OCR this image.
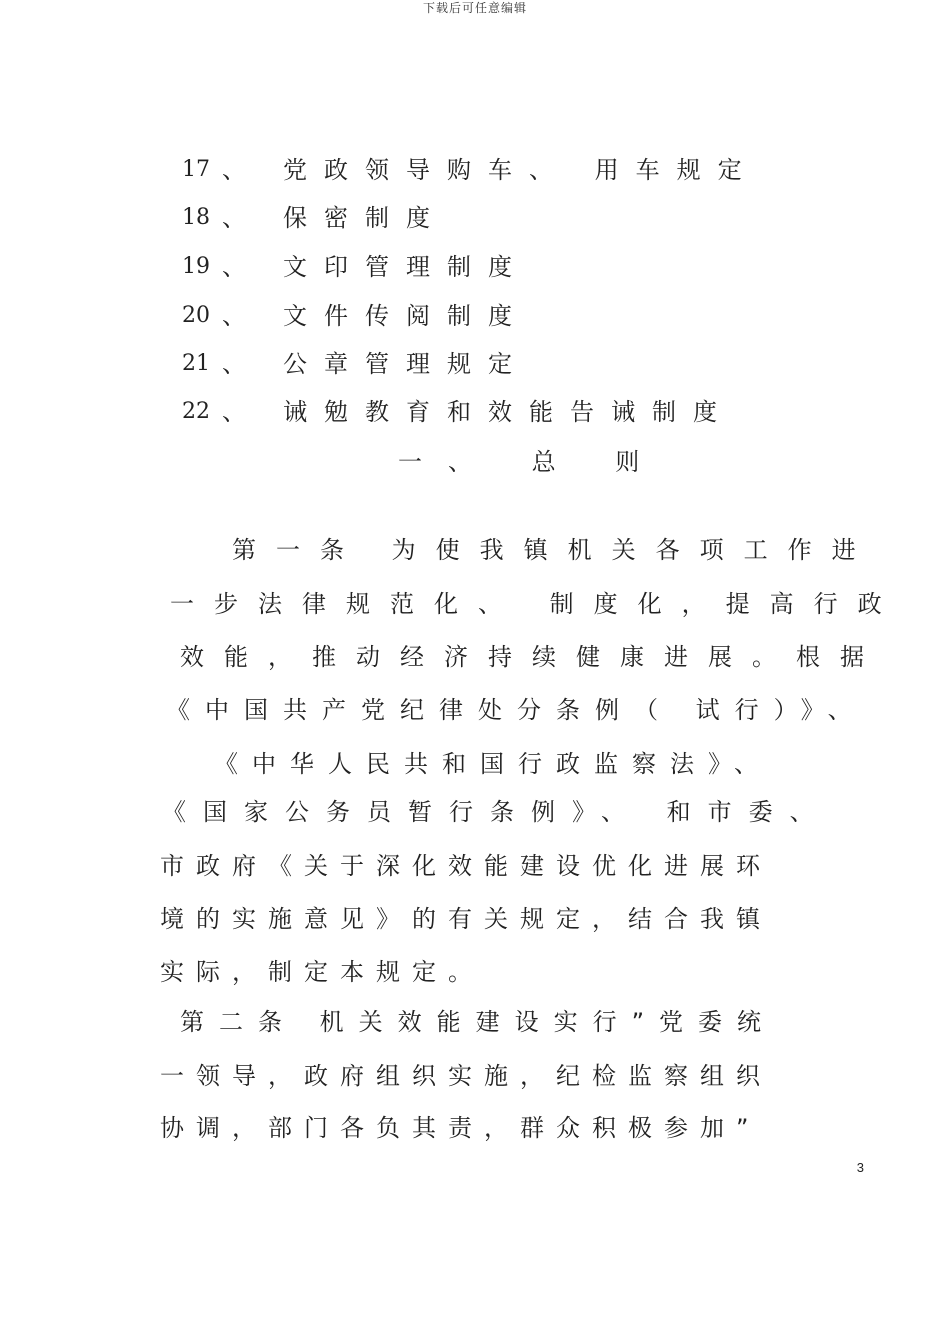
下载后可任意编辑
17 、 党政领导购车、 用车规定
18 、 保密制度
19 、 文印管理制度
20 、 文件传阅制度
21 、 公章管理规定
22 、 诫勉教育和效能告诫制度
一、 总 则
第一条 为使我镇机关各项工作进
一步法律规范化、 制度化，提高行政
效能，推动经济持续健康进展。根据
《中国共产党纪律处分条例（ 试行）》、
《中华人民共和国行政监察法》、
《国家公务员暂行条例》、 和市委、
市政府《关于深化效能建设优化进展环
境的实施意见》的有关规定，结合我镇
实际，制定本规定。
第二条 机关效能建设实行”党委统
一领导，政府组织实施，纪检监察组织
协调，部门各负其责，群众积极参加”
3
